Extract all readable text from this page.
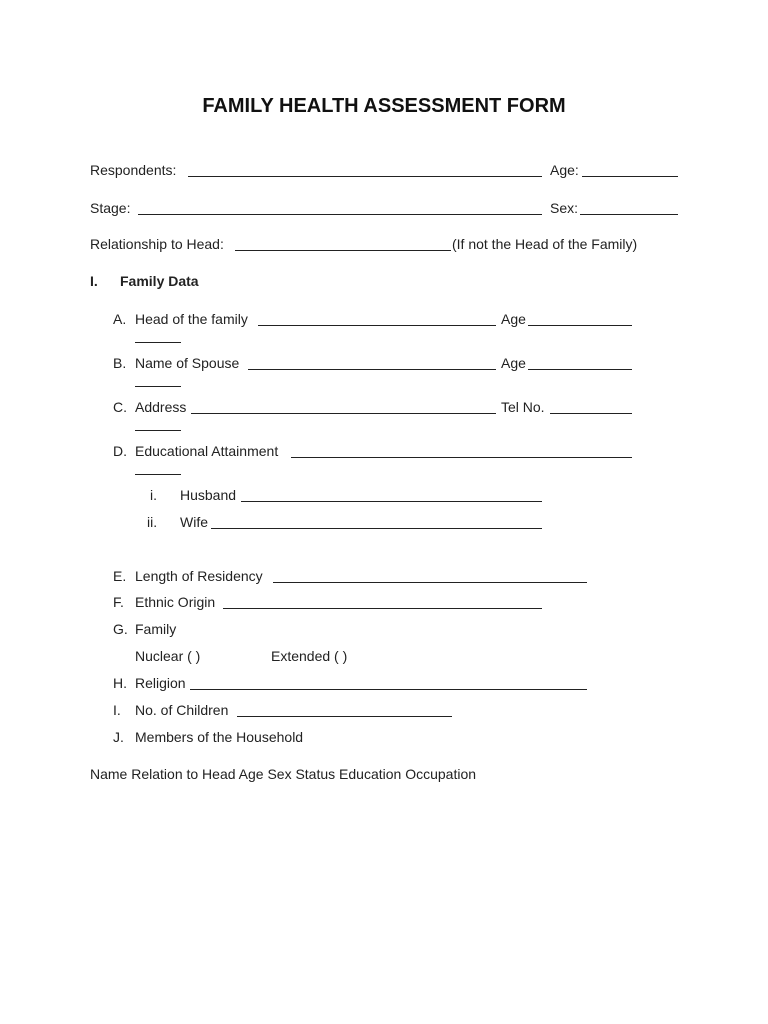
FAMILY HEALTH ASSESSMENT FORM
Respondents:	Age:
Stage:	Sex:
Relationship to Head:	(If not the Head of the Family)
I. Family Data
A. Head of the family	Age
B. Name of Spouse	Age
C. Address	Tel No.
D. Educational Attainment
i. Husband
ii. Wife
E. Length of Residency
F. Ethnic Origin
G. Family
Nuclear ( )	Extended ( )
H. Religion
I. No. of Children
J. Members of the Household
Name Relation to Head Age Sex Status Education Occupation
